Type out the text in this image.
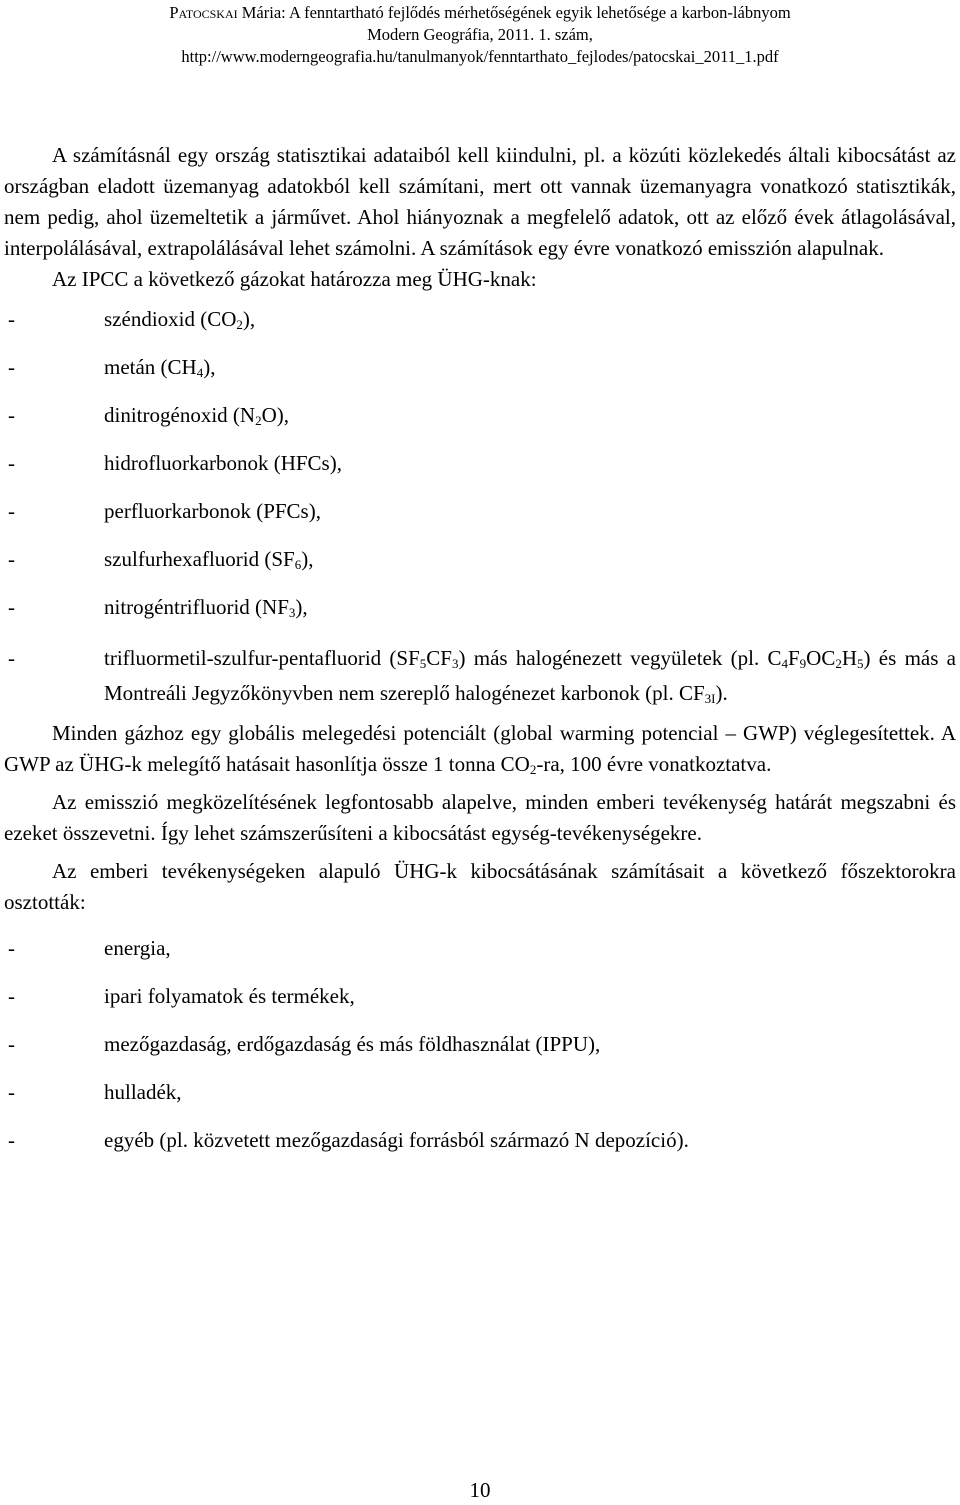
Patocskai Mária: A fenntartható fejlődés mérhetőségének egyik lehetősége a karbon-lábnyom
Modern Geográfia, 2011. 1. szám,
http://www.moderngeografia.hu/tanulmanyok/fenntarthato_fejlodes/patocskai_2011_1.pdf

A számításnál egy ország statisztikai adataiból kell kiindulni, pl. a közúti közlekedés általi kibocsátást az országban eladott üzemanyag adatokból kell számítani, mert ott vannak üzemanyagra vonatkozó statisztikák, nem pedig, ahol üzemeltetik a járművet. Ahol hiányoznak a megfelelő adatok, ott az előző évek átlagolásával, interpolálásával, extrapolálásával lehet számolni. A számítások egy évre vonatkozó emisszión alapulnak.

Az IPCC a következő gázokat határozza meg ÜHG-knak:

-	széndioxid $(CO_2)$,
-	metán $(CH_4)$,
-	dinitrogénoxid $(N_2O)$,
-	hidrofluorkarbonok (HFCs),
-	perfluorkarbonok (PFCs),
-	szulfurhexafluorid $(SF_6)$,
-	nitrogéntrifluorid $(NF_3)$,
-	trifluormetil-szulfur-pentafluorid $(SF_5CF_3)$ más halogénezett vegyületek (pl. $C_4F_9OC_2H_5$) és más a Montreáli Jegyzőkönyvben nem szereplő halogénezet karbonok (pl. $CF_{3I}$).

Minden gázhoz egy globális melegedési potenciált (global warming potencial – GWP) véglegesítettek. A GWP az ÜHG-k melegítő hatásait hasonlítja össze 1 tonna $CO_2-ra$, 100 évre vonatkoztatva.

Az emisszió megközelítésének legfontosabb alapelve, minden emberi tevékenység határát megszabni és ezeket összevetni. Így lehet számszerűsíteni a kibocsátást egység-tevékenységekre.

Az emberi tevékenységeken alapuló ÜHG-k kibocsátásának számításait a következő főszektorokra osztották:

-	energia,
-	ipari folyamatok és termékek,
-	mezőgazdaság, erdőgazdaság és más földhasználat (IPPU),
-	hulladék,
-	egyéb (pl. közvetett mezőgazdasági forrásból származó N depozíció).
10
